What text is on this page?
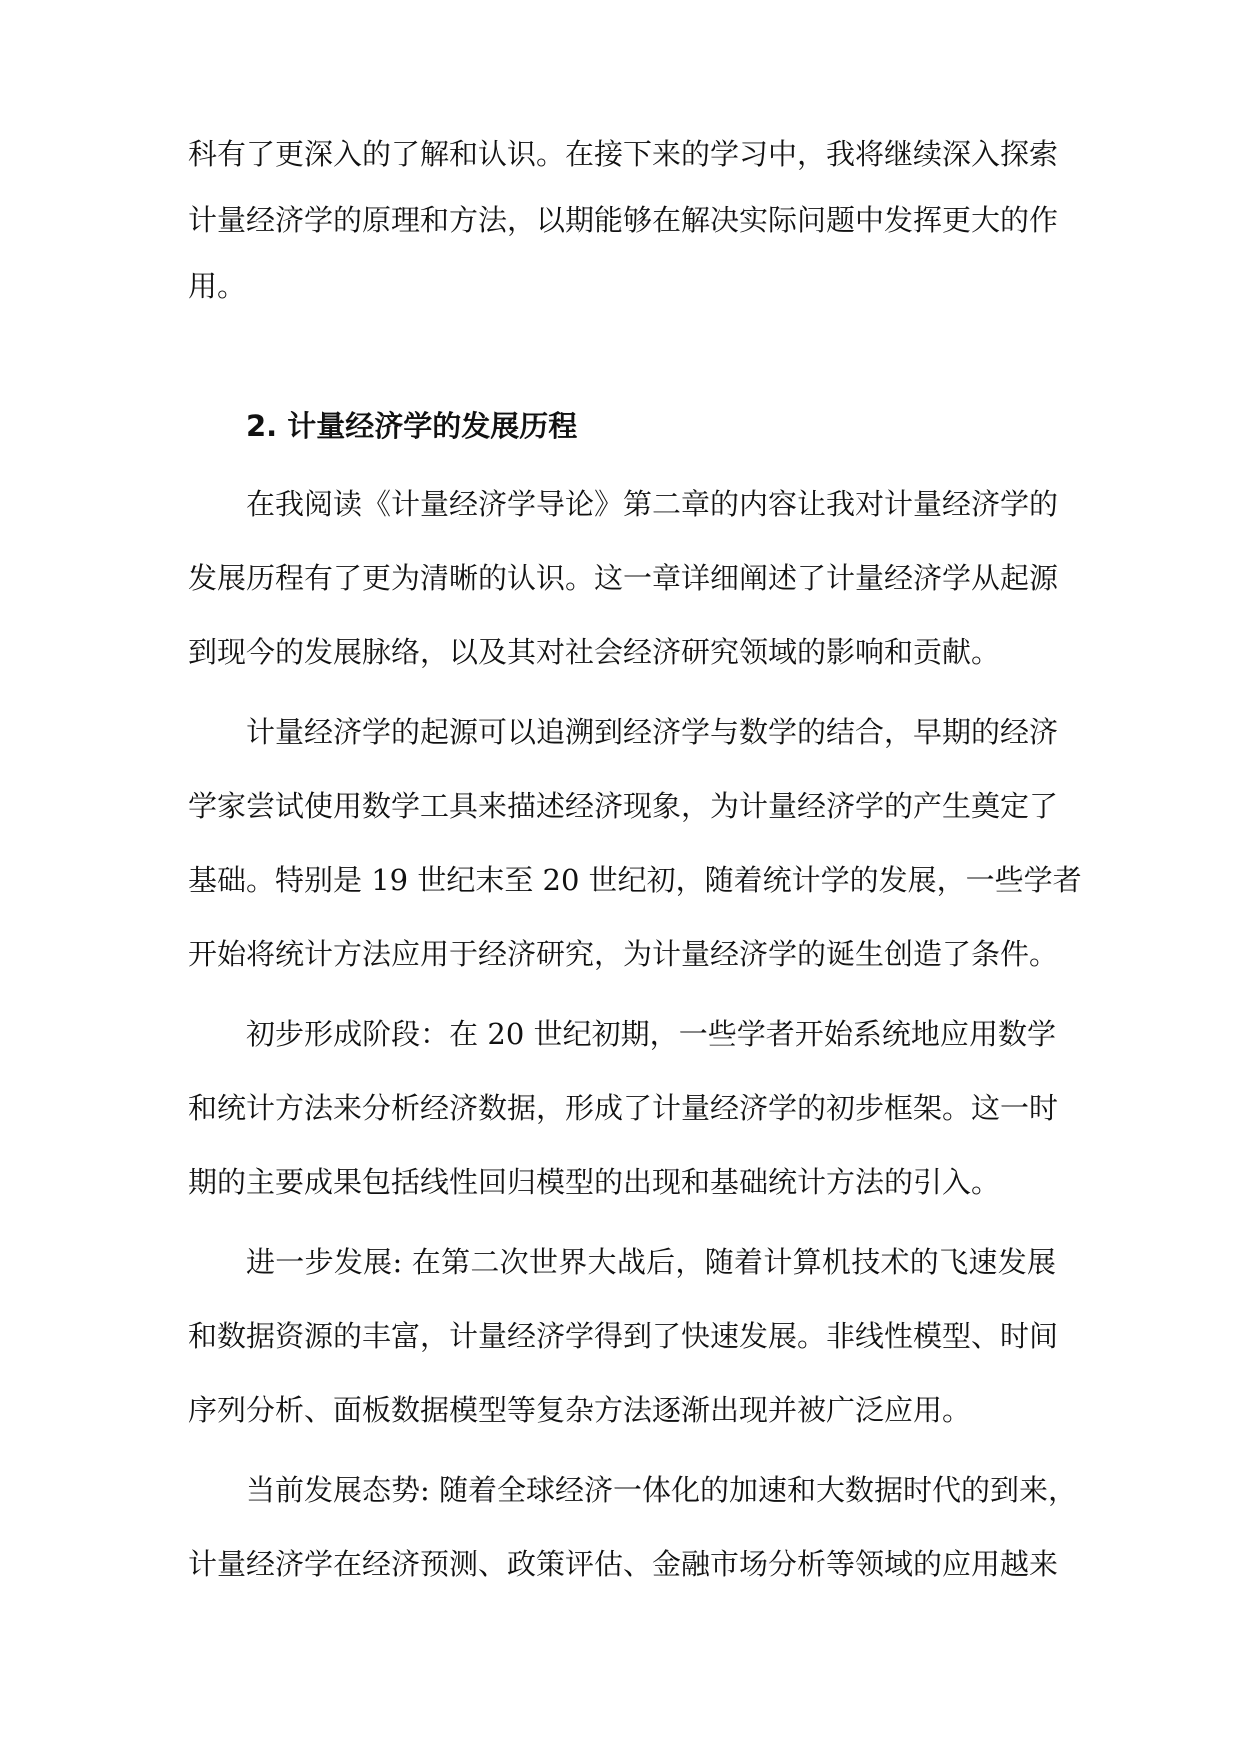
科有了更深入的了解和认识。在接下来的学习中，我将继续深入探索
计量经济学的原理和方法，以期能够在解决实际问题中发挥更大的作
用。
2. 计量经济学的发展历程
在我阅读《计量经济学导论》第二章的内容让我对计量经济学的
发展历程有了更为清晰的认识。这一章详细阐述了计量经济学从起源
到现今的发展脉络，以及其对社会经济研究领域的影响和贡献。
计量经济学的起源可以追溯到经济学与数学的结合，早期的经济
学家尝试使用数学工具来描述经济现象，为计量经济学的产生奠定了
基础。特别是 19 世纪末至 20 世纪初，随着统计学的发展，一些学者
开始将统计方法应用于经济研究，为计量经济学的诞生创造了条件。
初步形成阶段：在 20 世纪初期，一些学者开始系统地应用数学
和统计方法来分析经济数据，形成了计量经济学的初步框架。这一时
期的主要成果包括线性回归模型的出现和基础统计方法的引入。
进一步发展: 在第二次世界大战后，随着计算机技术的飞速发展
和数据资源的丰富，计量经济学得到了快速发展。非线性模型、时间
序列分析、面板数据模型等复杂方法逐渐出现并被广泛应用。
当前发展态势: 随着全球经济一体化的加速和大数据时代的到来，
计量经济学在经济预测、政策评估、金融市场分析等领域的应用越来
